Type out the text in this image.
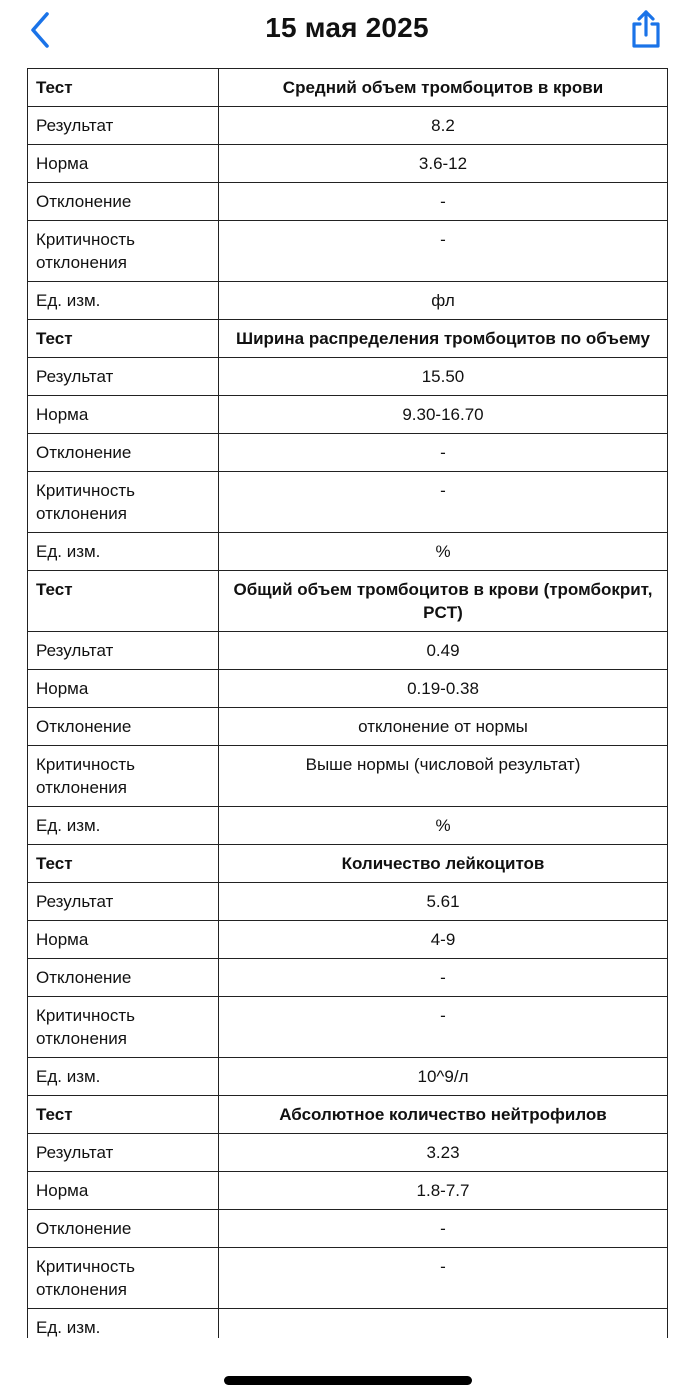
15 мая 2025
Тест	Средний объем тромбоцитов в крови
Результат	8.2
Норма	3.6-12
Отклонение	-
Критичность отклонения	-
Ед. изм.	фл
Тест	Ширина распределения тромбоцитов по объему
Результат	15.50
Норма	9.30-16.70
Отклонение	-
Критичность отклонения	-
Ед. изм.	%
Тест	Общий объем тромбоцитов в крови (тромбокрит, PCT)
Результат	0.49
Норма	0.19-0.38
Отклонение	отклонение от нормы
Критичность отклонения	Выше нормы (числовой результат)
Ед. изм.	%
Тест	Количество лейкоцитов
Результат	5.61
Норма	4-9
Отклонение	-
Критичность отклонения	-
Ед. изм.	10^9/л
Тест	Абсолютное количество нейтрофилов
Результат	3.23
Норма	1.8-7.7
Отклонение	-
Критичность отклонения	-
Ед. изм.	
